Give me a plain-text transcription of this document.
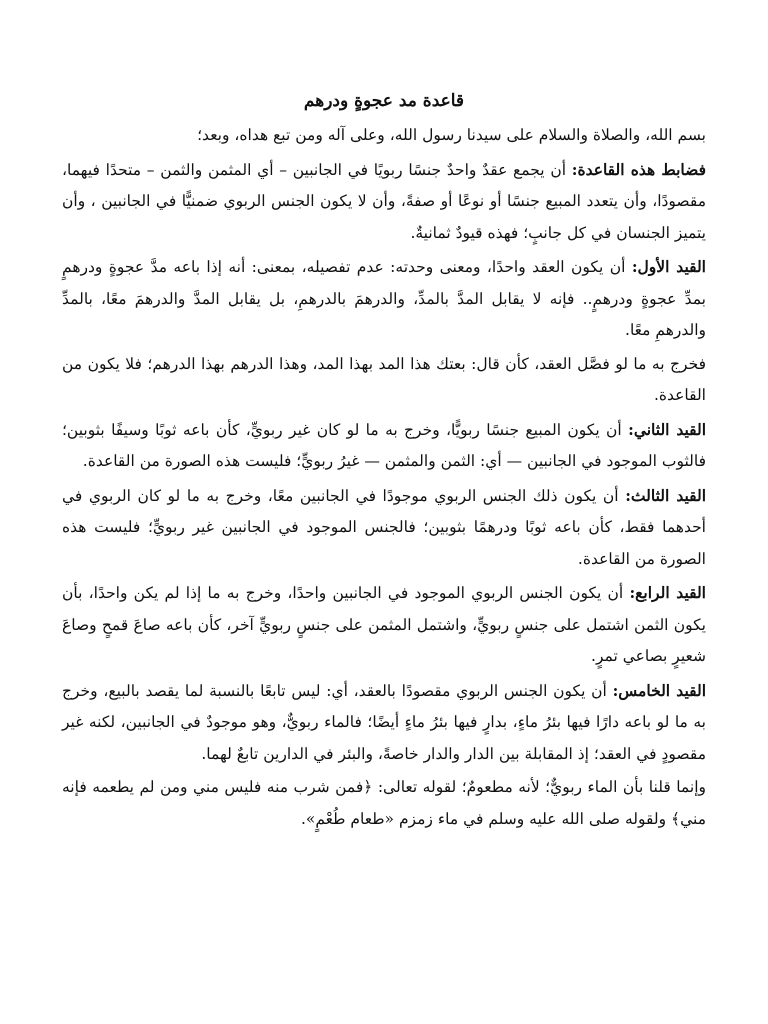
قاعدة مد عجوةٍ ودرهم

بسم الله، والصلاة والسلام على سيدنا رسول الله، وعلى آله ومن تبع هداه، وبعد؛

فضابط هذه القاعدة: أن يجمع عقدٌ واحدٌ جنسًا ربويًا في الجانبين – أي المثمن والثمن – متحدًا فيهما، مقصودًا، وأن يتعدد المبيع جنسًا أو نوعًا أو صفةً، وأن لا يكون الجنس الربوي ضمنيًّا في الجانبين ، وأن يتميز الجنسان في كل جانبٍ؛ فهذه قيودٌ ثمانيةٌ.

القيد الأول: أن يكون العقد واحدًا، ومعنى وحدته: عدم تفصيله، بمعنى: أنه إذا باعه مدَّ عجوةٍ ودرهمٍ بمدِّ عجوةٍ ودرهمٍ.. فإنه لا يقابل المدَّ بالمدِّ، والدرهمَ بالدرهمِ، بل يقابل المدَّ والدرهمَ معًا، بالمدِّ والدرهمِ معًا.

فخرج به ما لو فصَّل العقد، كأن قال: بعتك هذا المد بهذا المد، وهذا الدرهم بهذا الدرهم؛ فلا يكون من القاعدة.

القيد الثاني: أن يكون المبيع جنسًا ربويًّا، وخرج به ما لو كان غير ربويٍّ، كأن باعه ثوبًا وسيفًا بثوبين؛ فالثوب الموجود في الجانبين — أي: الثمن والمثمن — غيرُ ربويٍّ؛ فليست هذه الصورة من القاعدة.

القيد الثالث: أن يكون ذلك الجنس الربوي موجودًا في الجانبين معًا، وخرج به ما لو كان الربوي في أحدهما فقط، كأن باعه ثوبًا ودرهمًا بثوبين؛ فالجنس الموجود في الجانبين غير ربويٍّ؛ فليست هذه الصورة من القاعدة.

القيد الرابع: أن يكون الجنس الربوي الموجود في الجانبين واحدًا، وخرج به ما إذا لم يكن واحدًا، بأن يكون الثمن اشتمل على جنسٍ ربويٍّ، واشتمل المثمن على جنسٍ ربويٍّ آخر، كأن باعه صاعَ قمحٍ وصاعَ شعيرٍ بصاعي تمرٍ.

القيد الخامس: أن يكون الجنس الربوي مقصودًا بالعقد، أي: ليس تابعًا بالنسبة لما يقصد بالبيع، وخرج به ما لو باعه دارًا فيها بئرُ ماءٍ، بدارٍ فيها بئرُ ماءٍ أيضًا؛ فالماء ربويٌّ، وهو موجودٌ في الجانبين، لكنه غير مقصودٍ في العقد؛ إذ المقابلة بين الدار والدار خاصةً، والبئر في الدارين تابعٌ لهما.

وإنما قلنا بأن الماء ربويٌّ؛ لأنه مطعومٌ؛ لقوله تعالى: ﴿فمن شرب منه فليس مني ومن لم يطعمه فإنه مني﴾ ولقوله صلى الله عليه وسلم في ماء زمزم «طعام طُعْمٍ».
